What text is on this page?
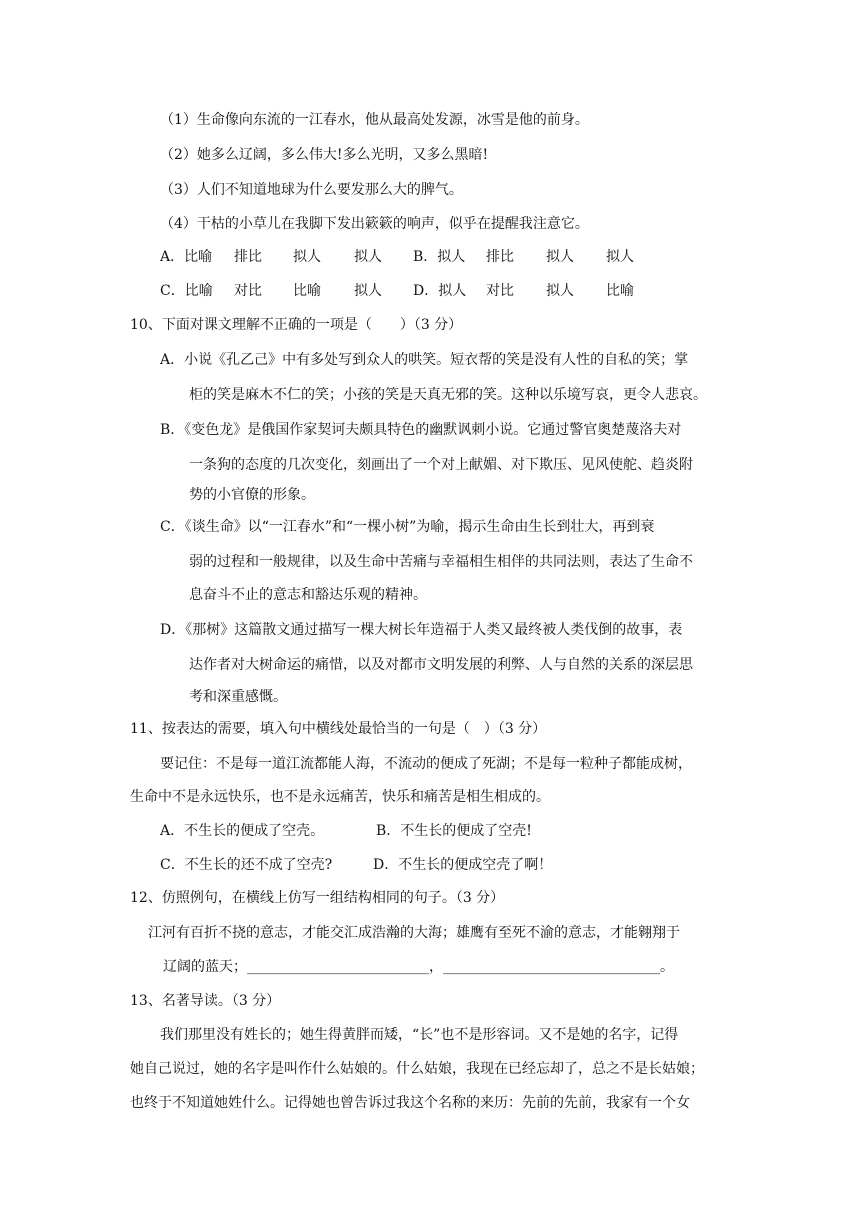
（1）生命像向东流的一江春水，他从最高处发源，冰雪是他的前身。
（2）她多么辽阔，多么伟大!多么光明，又多么黑暗!
（3）人们不知道地球为什么要发那么大的脾气。
（4）干枯的小草儿在我脚下发出簌簌的响声，似乎在提醒我注意它。
A．比喻 排比 拟人 拟人 B．拟人 排比 拟人 拟人
C．比喻 对比 比喻 拟人 D．拟人 对比 拟人 比喻
10、下面对课文理解不正确的一项是（　　）（3 分）
A．小说《孔乙己》中有多处写到众人的哄笑。短衣帮的笑是没有人性的自私的笑；掌
柜的笑是麻木不仁的笑；小孩的笑是天真无邪的笑。这种以乐境写哀，更令人悲哀。
B．《变色龙》是俄国作家契诃夫颇具特色的幽默讽刺小说。它通过警官奥楚蔑洛夫对
一条狗的态度的几次变化，刻画出了一个对上献媚、对下欺压、见风使舵、趋炎附
势的小官僚的形象。
C．《谈生命》以“一江春水”和“一棵小树”为喻，揭示生命由生长到壮大，再到衰
弱的过程和一般规律，以及生命中苦痛与幸福相生相伴的共同法则，表达了生命不
息奋斗不止的意志和豁达乐观的精神。
D．《那树》这篇散文通过描写一棵大树长年造福于人类又最终被人类伐倒的故事，表
达作者对大树命运的痛惜，以及对都市文明发展的利弊、人与自然的关系的深层思
考和深重感慨。
11、按表达的需要，填入句中横线处最恰当的一句是（　）（3 分）
要记住：不是每一道江流都能人海，不流动的便成了死湖；不是每一粒种子都能成树，
生命中不是永远快乐，也不是永远痛苦，快乐和痛苦是相生相成的。
A．不生长的便成了空壳。	B．不生长的便成了空壳!
C．不生长的还不成了空壳?	D．不生长的便成空壳了啊！
12、仿照例句，在横线上仿写一组结构相同的句子。（3 分）
江河有百折不挠的意志，才能交汇成浩瀚的大海；雄鹰有至死不渝的意志，才能翱翔于
辽阔的蓝天；__________________________，_______________________________。
13、名著导读。（3 分）
我们那里没有姓长的；她生得黄胖而矮，“长”也不是形容词。又不是她的名字，记得
她自己说过，她的名字是叫作什么姑娘的。什么姑娘，我现在已经忘却了，总之不是长姑娘；
也终于不知道她姓什么。记得她也曾告诉过我这个名称的来历：先前的先前，我家有一个女
